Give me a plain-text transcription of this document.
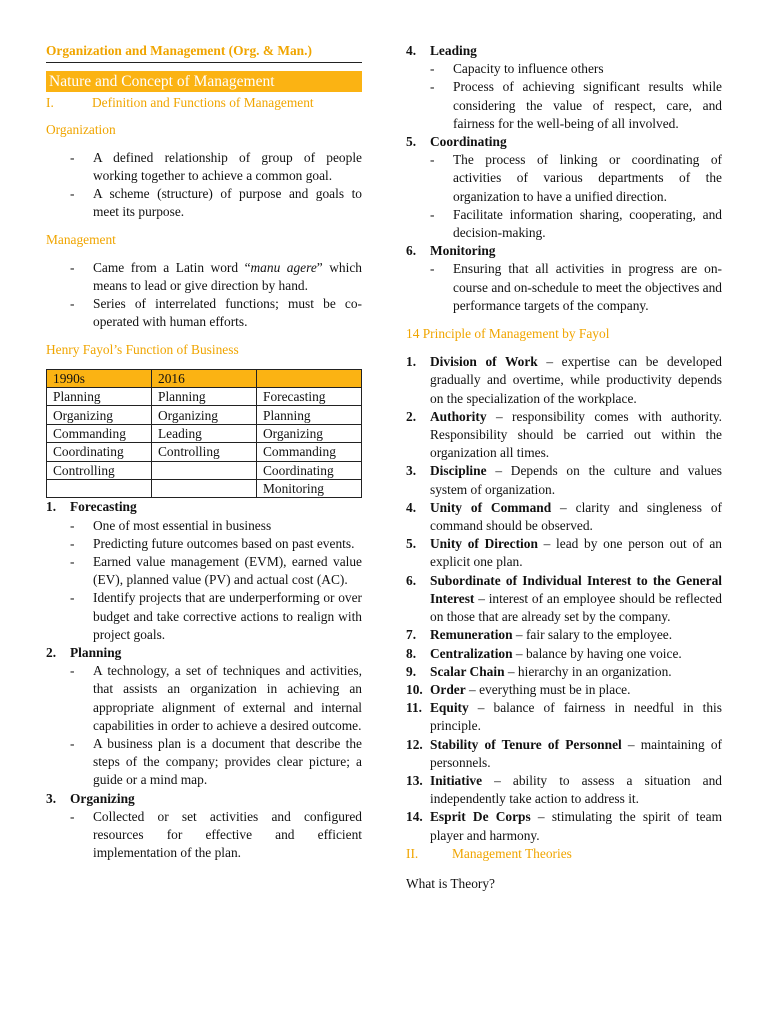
Organization and Management (Org. & Man.)
Nature and Concept of Management
I.	Definition and Functions of Management
Organization
- A defined relationship of group of people working together to achieve a common goal.
- A scheme (structure) of purpose and goals to meet its purpose.
Management
- Came from a Latin word “manu agere” which means to lead or give direction by hand.
- Series of interrelated functions; must be co-operated with human efforts.
Henry Fayol’s Function of Business
1990s	2016	
Planning	Planning	Forecasting
Organizing	Organizing	Planning
Commanding	Leading	Organizing
Coordinating	Controlling	Commanding
Controlling		Coordinating
		Monitoring
1. Forecasting
- One of most essential in business
- Predicting future outcomes based on past events.
- Earned value management (EVM), earned value (EV), planned value (PV) and actual cost (AC).
- Identify projects that are underperforming or over budget and take corrective actions to realign with project goals.
2. Planning
- A technology, a set of techniques and activities, that assists an organization in achieving an appropriate alignment of external and internal capabilities in order to achieve a desired outcome.
- A business plan is a document that describe the steps of the company; provides clear picture; a guide or a mind map.
3. Organizing
- Collected or set activities and configured resources for effective and efficient implementation of the plan.
4. Leading
- Capacity to influence others
- Process of achieving significant results while considering the value of respect, care, and fairness for the well-being of all involved.
5. Coordinating
- The process of linking or coordinating of activities of various departments of the organization to have a unified direction.
- Facilitate information sharing, cooperating, and decision-making.
6. Monitoring
- Ensuring that all activities in progress are on-course and on-schedule to meet the objectives and performance targets of the company.
14 Principle of Management by Fayol
1. Division of Work – expertise can be developed gradually and overtime, while productivity depends on the specialization of the workplace.
2. Authority – responsibility comes with authority. Responsibility should be carried out within the organization all times.
3. Discipline – Depends on the culture and values system of organization.
4. Unity of Command – clarity and singleness of command should be observed.
5. Unity of Direction – lead by one person out of an explicit one plan.
6. Subordinate of Individual Interest to the General Interest – interest of an employee should be reflected on those that are already set by the company.
7. Remuneration – fair salary to the employee.
8. Centralization – balance by having one voice.
9. Scalar Chain – hierarchy in an organization.
10. Order – everything must be in place.
11. Equity – balance of fairness in needful in this principle.
12. Stability of Tenure of Personnel – maintaining of personnels.
13. Initiative – ability to assess a situation and independently take action to address it.
14. Esprit De Corps – stimulating the spirit of team player and harmony.
II.	Management Theories
What is Theory?
